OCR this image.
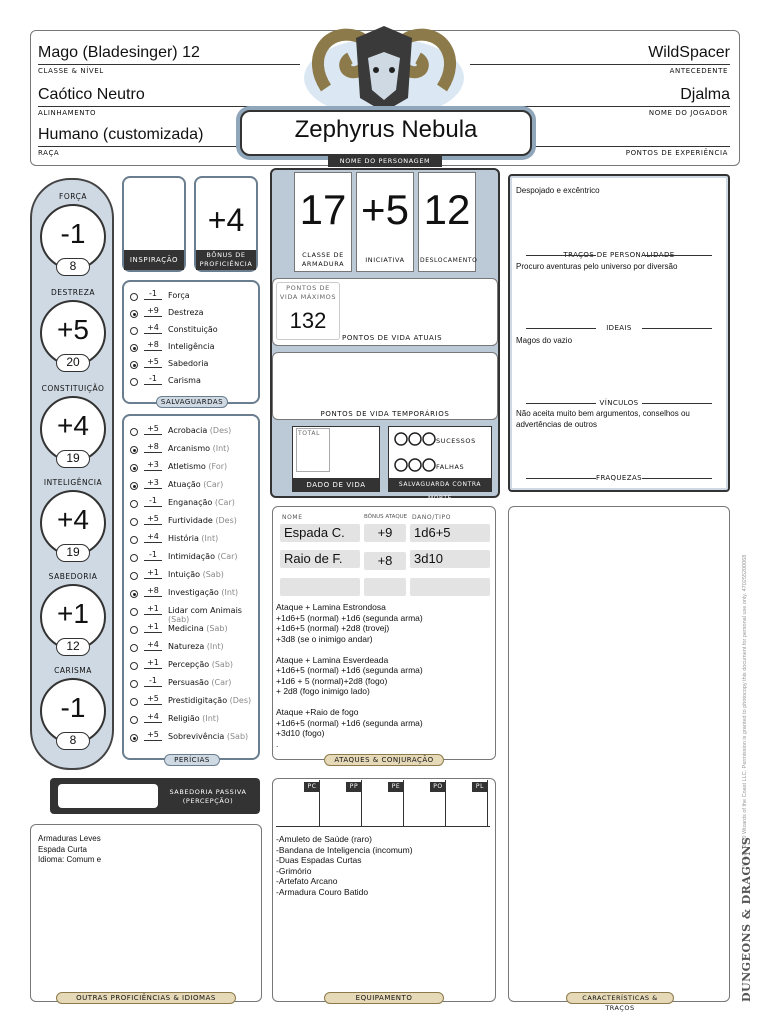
Mago (Bladesinger) 12
CLASSE & NÍVEL
Caótico Neutro
ALINHAMENTO
Humano (customizada)
RAÇA
WildSpacer
ANTECEDENTE
Djalma
NOME DO JOGADOR
PONTOS DE EXPERIÊNCIA
Zephyrus Nebula
NOME DO PERSONAGEM
FORÇA
-1
8
DESTREZA
+5
20
CONSTITUIÇÃO
+4
19
INTELIGÊNCIA
+4
19
SABEDORIA
+1
12
CARISMA
-1
8
INSPIRAÇÃO
+4
BÔNUS DE PROFICIÊNCIA
-1	Força
+9	Destreza
+4	Constituição
+8	Inteligência
+5	Sabedoria
-1	Carisma
SALVAGUARDAS
+5	Acrobacia (Des)
+8	Arcanismo (Int)
+3	Atletismo (For)
+3	Atuação (Car)
-1	Enganação (Car)
+5	Furtividade (Des)
+4	História (Int)
-1	Intimidação (Car)
+1	Intuição (Sab)
+8	Investigação (Int)
+1	Lidar com Animais (Sab)
+1	Medicina (Sab)
+4	Natureza (Int)
+1	Percepção (Sab)
-1	Persuasão (Car)
+5	Prestidigitação (Des)
+4	Religião (Int)
+5	Sobrevivência (Sab)
PERÍCIAS
SABEDORIA PASSIVA (PERCEPÇÃO)
Armaduras Leves
Espada Curta
Idioma: Comum e
OUTRAS PROFICIÊNCIAS & IDIOMAS
17
CLASSE DE ARMADURA
+5
INICIATIVA
12
DESLOCAMENTO
PONTOS DE VIDA MÁXIMOS
132
PONTOS DE VIDA ATUAIS
PONTOS DE VIDA TEMPORÁRIOS
TOTAL
DADO DE VIDA
SUCESSOS
FALHAS
SALVAGUARDA CONTRA MORTE
NOME	BÔNUS ATAQUE DANO/TIPO
Espada C.	+9	1d6+5
Raio de F.	+8	3d10
Ataque + Lamina Estrondosa
+1d6+5 (normal) +1d6 (segunda arma)
+1d6+5 (normal) +2d8 (trovej)
+3d8 (se o inimigo andar)

Ataque + Lamina Esverdeada
+1d6+5 (normal) +1d6 (segunda arma)
+1d6 + 5 (normal)+2d8 (fogo)
+ 2d8 (fogo inimigo lado)

Ataque +Raio de fogo
+1d6+5 (normal) +1d6 (segunda arma)
+3d10 (fogo)
.
ATAQUES & CONJURAÇÃO
PC	PP	PE	PO	PL
-Amuleto de Saúde (raro)
-Bandana de Inteligencia (incomum)
-Duas Espadas Curtas
-Grimório
-Artefato Arcano
-Armadura Couro Batido
EQUIPAMENTO
Despojado e excêntrico
TRAÇOS DE PERSONALIDADE
Procuro aventuras pelo universo por diversão
IDEAIS
Magos do vazio
VÍNCULOS
Não aceita muito bem argumentos, conselhos ou advertências de outros
FRAQUEZAS
CARACTERÍSTICAS & TRAÇOS
TM & © 2020 Wizards of the Coast LLC. Permission is granted to photocopy this document for personal use only. 470255200068
DUNGEONS & DRAGONS
